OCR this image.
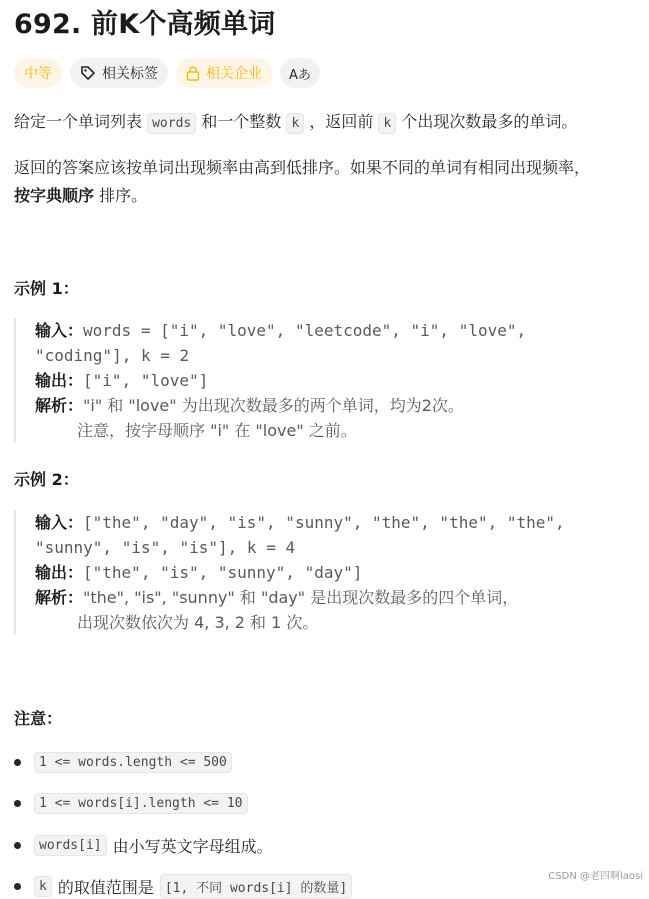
692. 前K个高频单词
中等	相关标签	相关企业 Aあ
给定一个单词列表 words 和一个整数 k ，返回前 k 个出现次数最多的单词。
返回的答案应该按单词出现频率由高到低排序。如果不同的单词有相同出现频率，
按字典顺序 排序。
示例 1：
输入：words = ["i", "love", "leetcode", "i", "love",
"coding"], k = 2
输出：["i", "love"]
解析："i" 和 "love" 为出现次数最多的两个单词，均为2次。
注意，按字母顺序 "i" 在 "love" 之前。
示例 2：
输入：["the", "day", "is", "sunny", "the", "the", "the",
"sunny", "is", "is"], k = 4
输出：["the", "is", "sunny", "day"]
解析："the", "is", "sunny" 和 "day" 是出现次数最多的四个单词，
出现次数依次为 4, 3, 2 和 1 次。
注意：
1 <= words.length <= 500
1 <= words[i].length <= 10
words[i] 由小写英文字母组成。
k 的取值范围是 [1, 不同 words[i] 的数量]
CSDN @老四啊laosi
